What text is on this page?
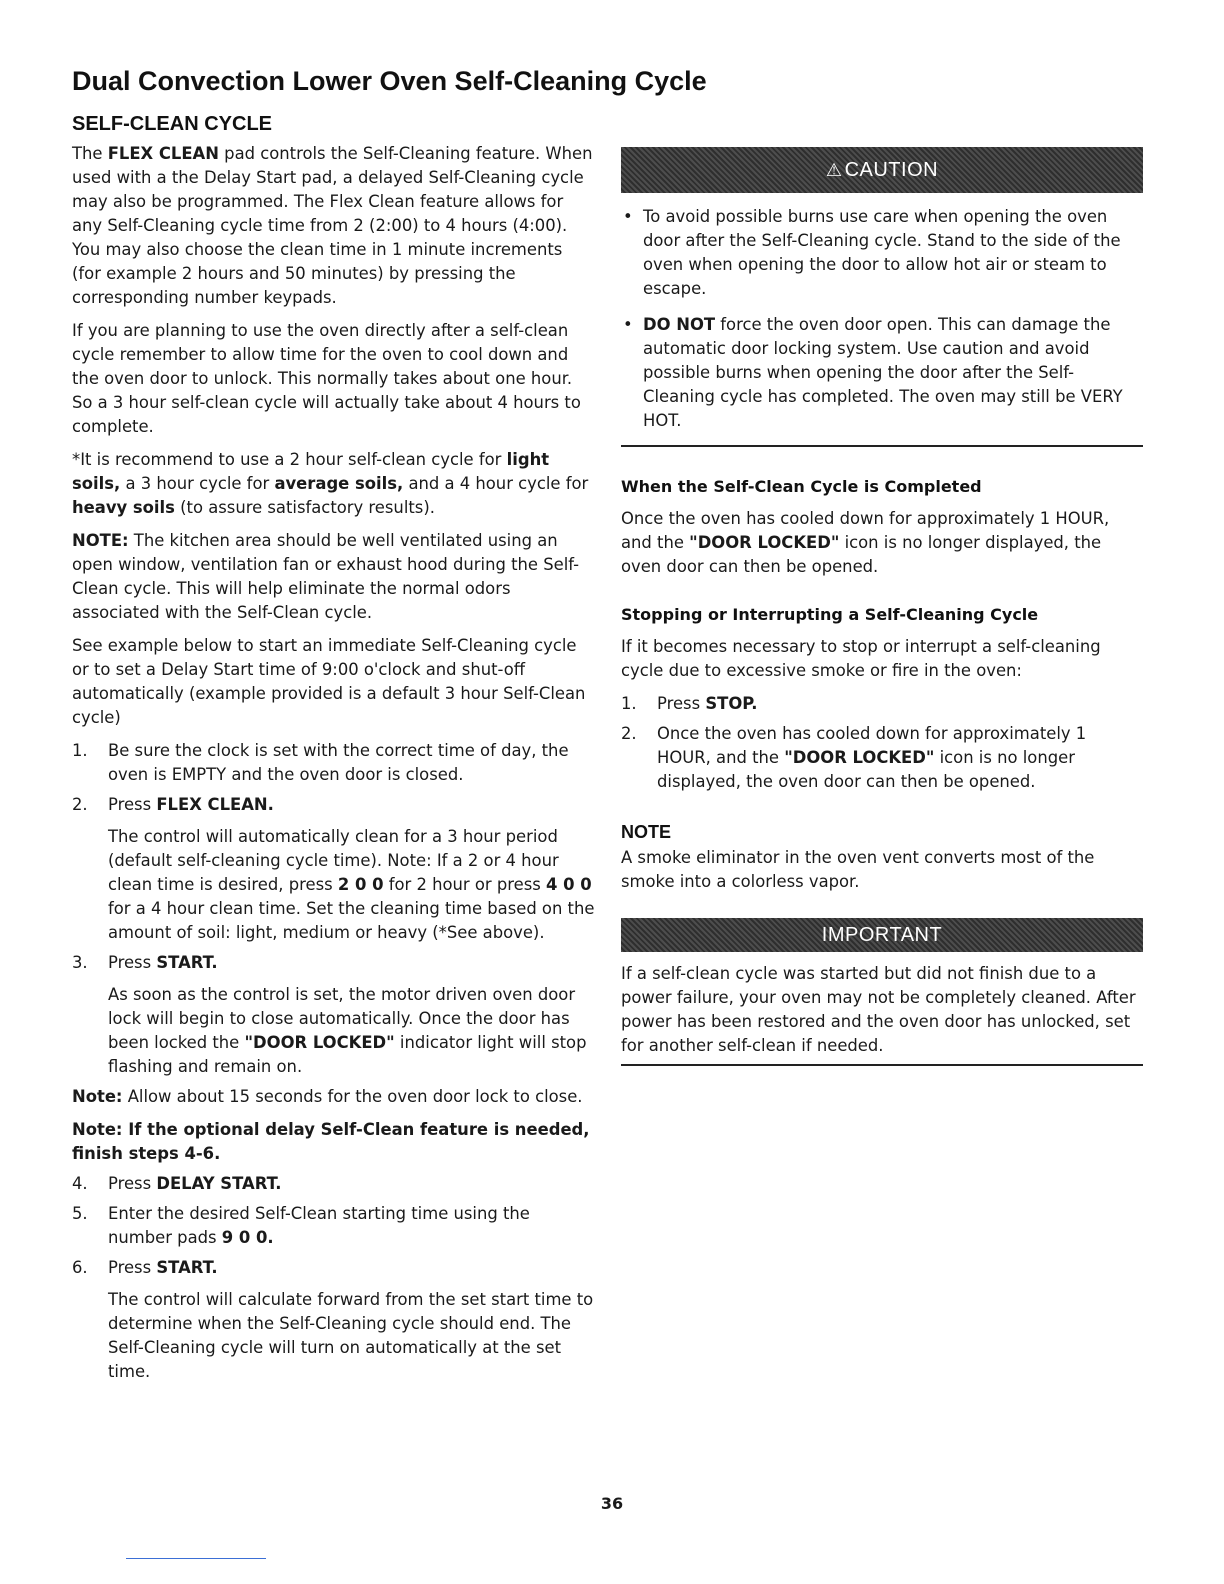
Dual Convection Lower Oven Self-Cleaning Cycle
SELF-CLEAN CYCLE

The FLEX CLEAN pad controls the Self-Cleaning feature. When used with a the Delay Start pad, a delayed Self-Cleaning cycle may also be programmed. The Flex Clean feature allows for any Self-Cleaning cycle time from 2 (2:00) to 4 hours (4:00). You may also choose the clean time in 1 minute increments (for example 2 hours and 50 minutes) by pressing the corresponding number keypads.

If you are planning to use the oven directly after a self-clean cycle remember to allow time for the oven to cool down and the oven door to unlock. This normally takes about one hour. So a 3 hour self-clean cycle will actually take about 4 hours to complete.

*It is recommend to use a 2 hour self-clean cycle for light soils, a 3 hour cycle for average soils, and a 4 hour cycle for heavy soils (to assure satisfactory results).

NOTE: The kitchen area should be well ventilated using an open window, ventilation fan or exhaust hood during the Self-Clean cycle. This will help eliminate the normal odors associated with the Self-Clean cycle.

See example below to start an immediate Self-Cleaning cycle or to set a Delay Start time of 9:00 o'clock and shut-off automatically (example provided is a default 3 hour Self-Clean cycle)

1. Be sure the clock is set with the correct time of day, the oven is EMPTY and the oven door is closed.
2. Press FLEX CLEAN.
The control will automatically clean for a 3 hour period (default self-cleaning cycle time). Note: If a 2 or 4 hour clean time is desired, press 2 0 0 for 2 hour or press 4 0 0 for a 4 hour clean time. Set the cleaning time based on the amount of soil: light, medium or heavy (*See above).
3. Press START.
As soon as the control is set, the motor driven oven door lock will begin to close automatically. Once the door has been locked the "DOOR LOCKED" indicator light will stop flashing and remain on.

Note: Allow about 15 seconds for the oven door lock to close.

Note: If the optional delay Self-Clean feature is needed, finish steps 4-6.

4. Press DELAY START.
5. Enter the desired Self-Clean starting time using the number pads 9 0 0.
6. Press START.
The control will calculate forward from the set start time to determine when the Self-Cleaning cycle should end. The Self-Cleaning cycle will turn on automatically at the set time.
⚠ CAUTION
• To avoid possible burns use care when opening the oven door after the Self-Cleaning cycle. Stand to the side of the oven when opening the door to allow hot air or steam to escape.
• DO NOT force the oven door open. This can damage the automatic door locking system. Use caution and avoid possible burns when opening the door after the Self-Cleaning cycle has completed. The oven may still be VERY HOT.
When the Self-Clean Cycle is Completed

Once the oven has cooled down for approximately 1 HOUR, and the "DOOR LOCKED" icon is no longer displayed, the oven door can then be opened.

Stopping or Interrupting a Self-Cleaning Cycle

If it becomes necessary to stop or interrupt a self-cleaning cycle due to excessive smoke or fire in the oven:

1. Press STOP.
2. Once the oven has cooled down for approximately 1 HOUR, and the "DOOR LOCKED" icon is no longer displayed, the oven door can then be opened.
NOTE

A smoke eliminator in the oven vent converts most of the smoke into a colorless vapor.

IMPORTANT

If a self-clean cycle was started but did not finish due to a power failure, your oven may not be completely cleaned. After power has been restored and the oven door has unlocked, set for another self-clean if needed.

36
